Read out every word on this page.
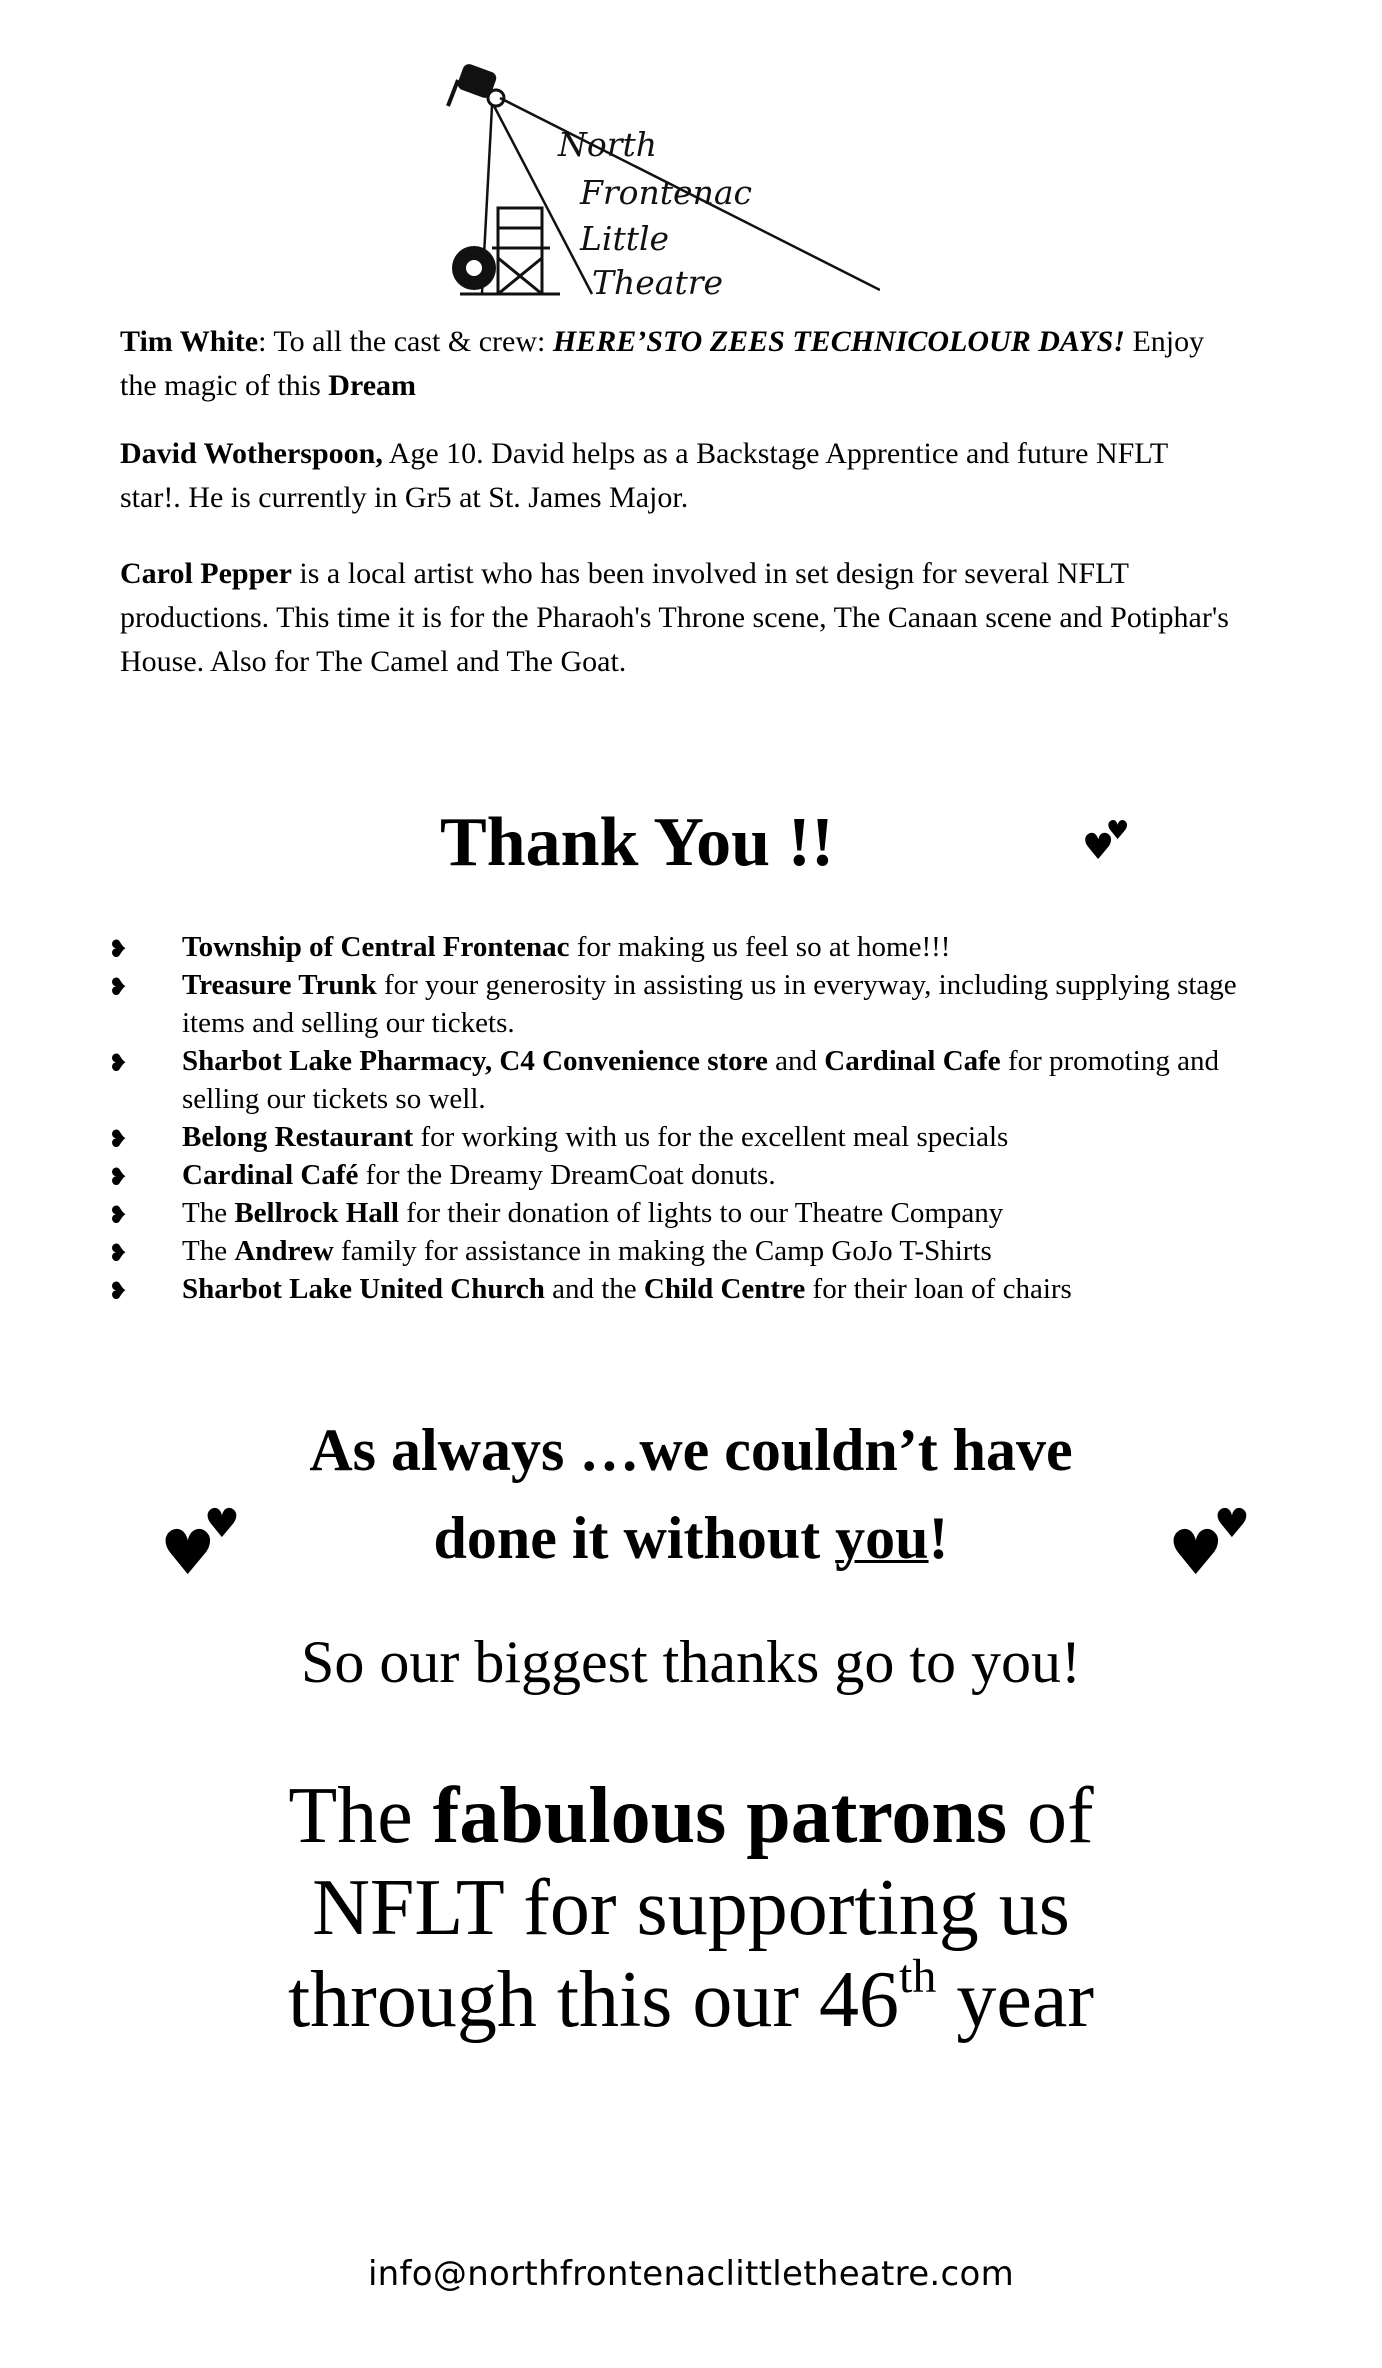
North
Frontenac
Little
Theatre

Tim White: To all the cast & crew: HERE’STO ZEES TECHNICOLOUR DAYS! Enjoy the magic of this Dream

David Wotherspoon, Age 10. David helps as a Backstage Apprentice and future NFLT star!. He is currently in Gr5 at St. James Major.

Carol Pepper is a local artist who has been involved in set design for several NFLT productions. This time it is for the Pharaoh's Throne scene, The Canaan scene and Potiphar's House. Also for The Camel and The Goat.

Thank You !!	♥
♥
❥ Township of Central Frontenac for making us feel so at home!!!
❥ Treasure Trunk for your generosity in assisting us in everyway, including supplying stage items and selling our tickets.
❥ Sharbot Lake Pharmacy, C4 Convenience store and Cardinal Cafe for promoting and selling our tickets so well.
❥ Belong Restaurant for working with us for the excellent meal specials
❥ Cardinal Café for the Dreamy DreamCoat donuts.
❥ The Bellrock Hall for their donation of lights to our Theatre Company
❥ The Andrew family for assistance in making the Camp GoJo T-Shirts
❥ Sharbot Lake United Church and the Child Centre for their loan of chairs

As always …we couldn’t have
done it without you!

♥
♥	♥
♥

So our biggest thanks go to you!

The fabulous patrons of
NFLT for supporting us
through this our 46th year

info@northfrontenaclittletheatre.com
